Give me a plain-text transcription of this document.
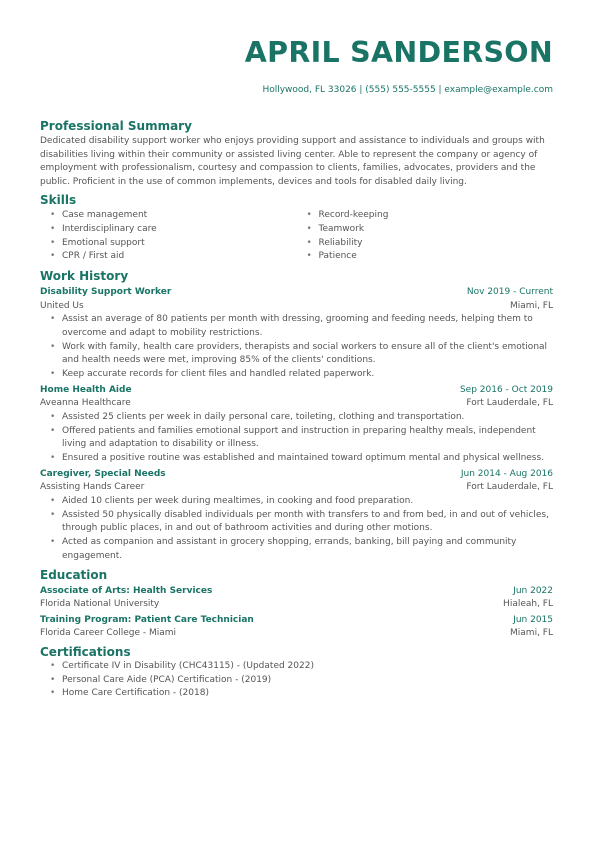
APRIL SANDERSON
Hollywood, FL 33026 | (555) 555-5555 | example@example.com
Professional Summary

Dedicated disability support worker who enjoys providing support and assistance to individuals and groups with disabilities living within their community or assisted living center. Able to represent the company or agency of employment with professionalism, courtesy and compassion to clients, families, advocates, providers and the public. Proficient in the use of common implements, devices and tools for disabled daily living.

Skills
• Case management
• Interdisciplinary care
• Emotional support
• CPR / First aid
• Record-keeping
• Teamwork
• Reliability
• Patience
Work History
Disability Support Worker	Nov 2019 - Current
United Us	Miami, FL
• Assist an average of 80 patients per month with dressing, grooming and feeding needs, helping them to overcome and adapt to mobility restrictions.
• Work with family, health care providers, therapists and social workers to ensure all of the client's emotional and health needs were met, improving 85% of the clients' conditions.
• Keep accurate records for client files and handled related paperwork.
Home Health Aide	Sep 2016 - Oct 2019
Aveanna Healthcare	Fort Lauderdale, FL
• Assisted 25 clients per week in daily personal care, toileting, clothing and transportation.
• Offered patients and families emotional support and instruction in preparing healthy meals, independent living and adaptation to disability or illness.
• Ensured a positive routine was established and maintained toward optimum mental and physical wellness.
Caregiver, Special Needs	Jun 2014 - Aug 2016
Assisting Hands Career	Fort Lauderdale, FL
• Aided 10 clients per week during mealtimes, in cooking and food preparation.
• Assisted 50 physically disabled individuals per month with transfers to and from bed, in and out of vehicles, through public places, in and out of bathroom activities and during other motions.
• Acted as companion and assistant in grocery shopping, errands, banking, bill paying and community engagement.
Education
Associate of Arts: Health Services	Jun 2022
Florida National University	Hialeah, FL
Training Program: Patient Care Technician	Jun 2015
Florida Career College - Miami	Miami, FL
Certifications
• Certificate IV in Disability (CHC43115) - (Updated 2022)
• Personal Care Aide (PCA) Certification - (2019)
• Home Care Certification - (2018)
